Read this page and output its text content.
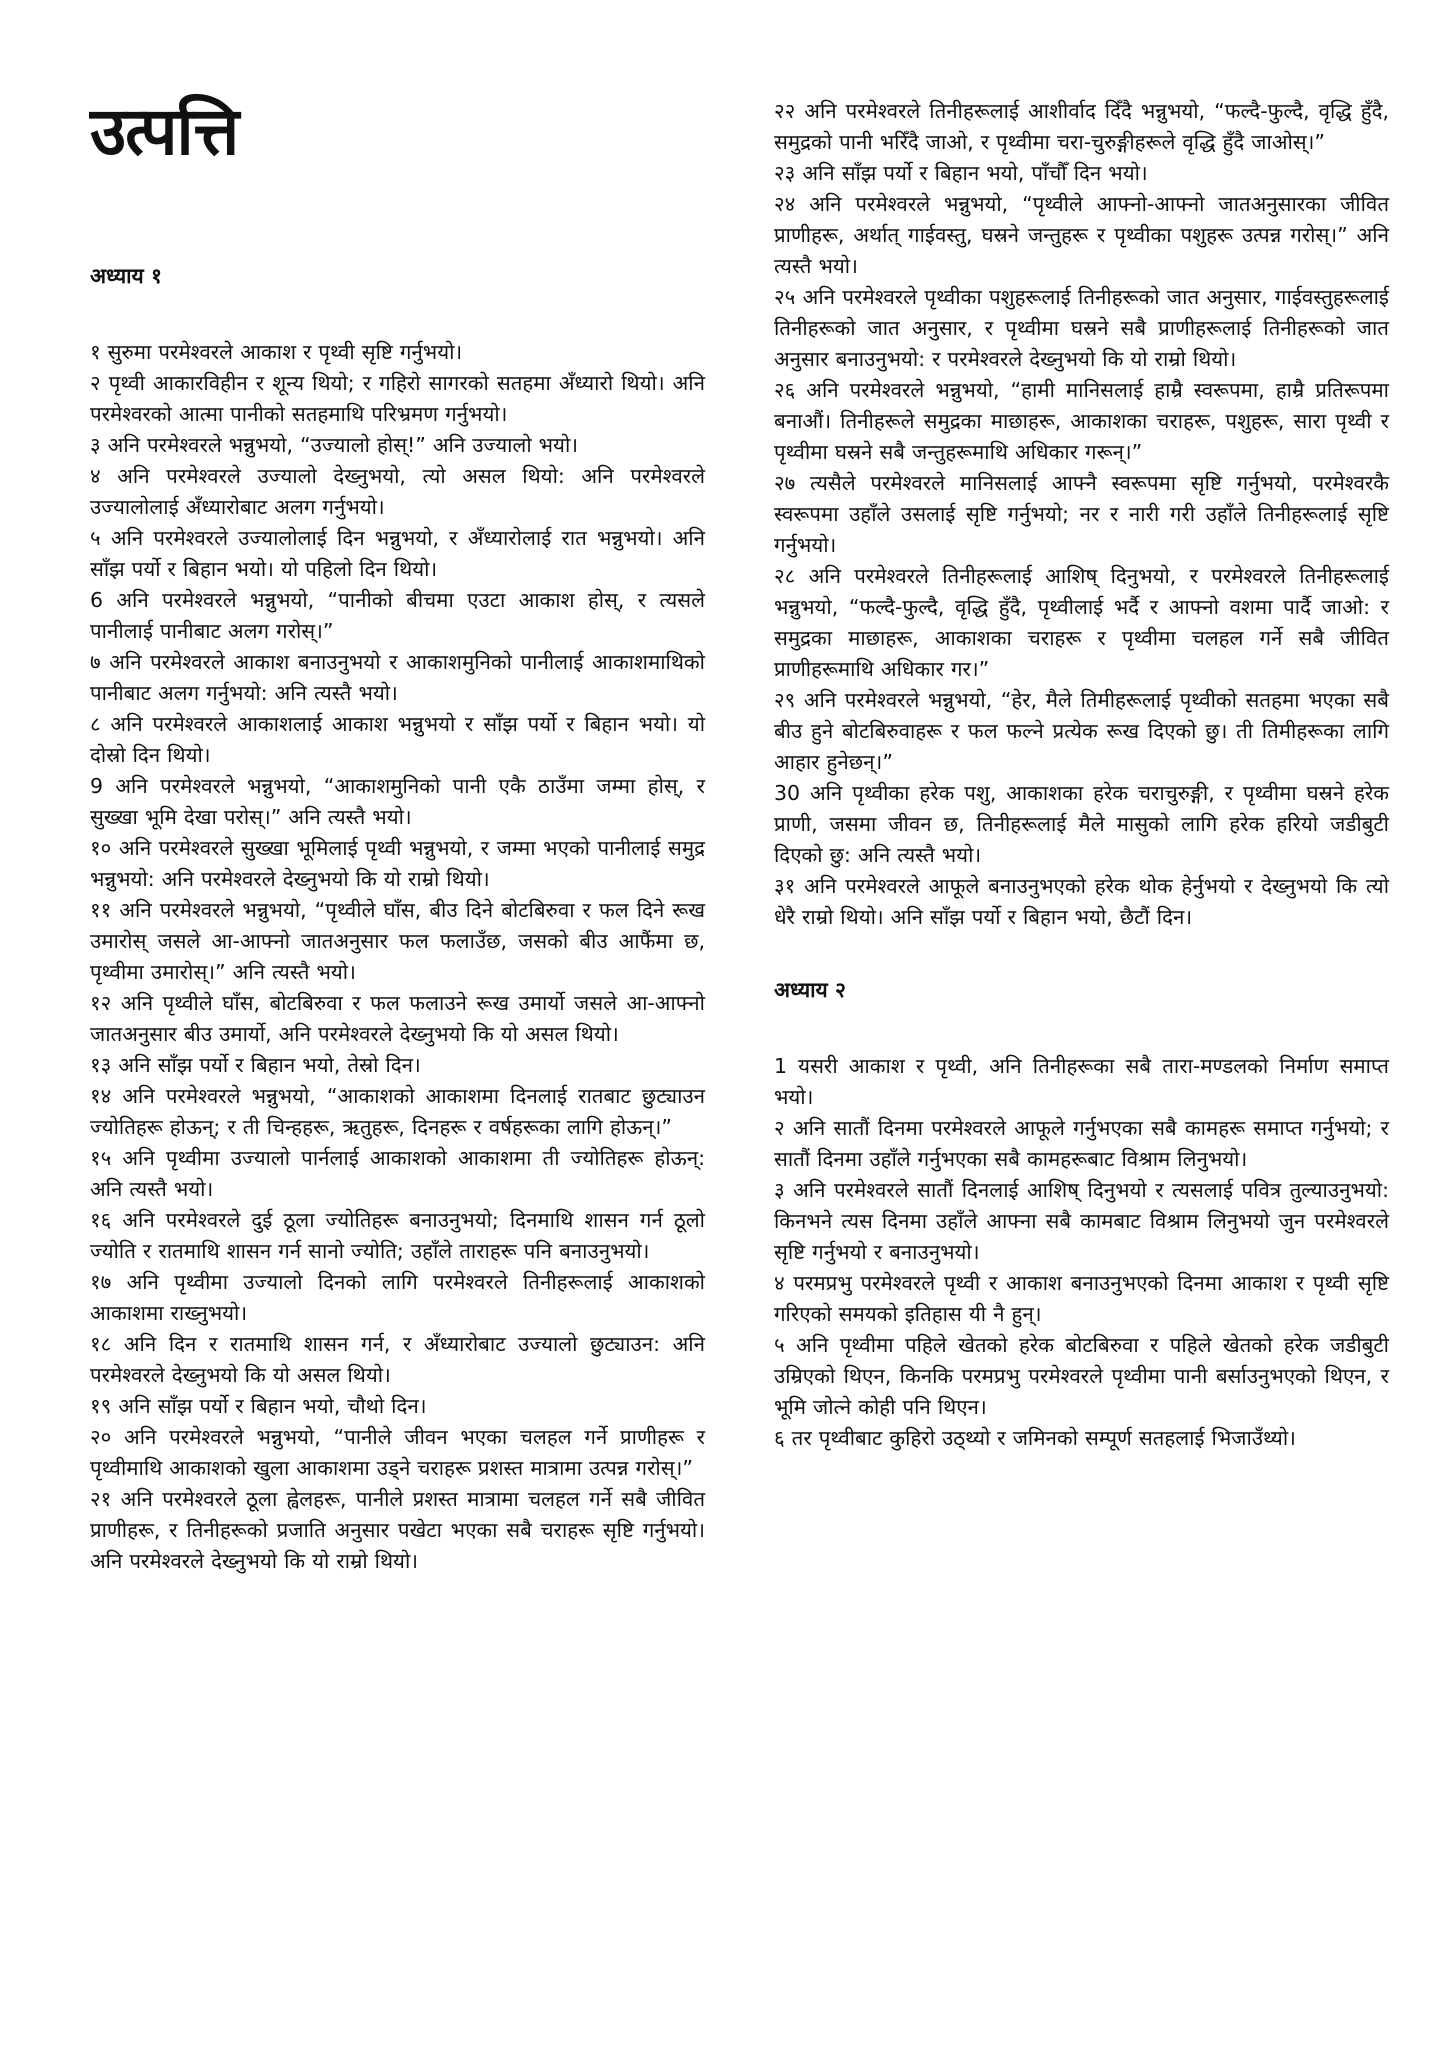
उत्पत्ति
अध्याय १

१ सुरुमा परमेश्वरले आकाश र पृथ्वी सृष्टि गर्नुभयो।

२ पृथ्वी आकारविहीन र शून्य थियो; र गहिरो सागरको सतहमा अँध्यारो थियो। अनि परमेश्वरको आत्मा पानीको सतहमाथि परिभ्रमण गर्नुभयो।

३ अनि परमेश्वरले भन्नुभयो, “उज्यालो होस्!” अनि उज्यालो भयो।

४ अनि परमेश्वरले उज्यालो देख्नुभयो, त्यो असल थियो: अनि परमेश्वरले उज्यालोलाई अँध्यारोबाट अलग गर्नुभयो।

५ अनि परमेश्वरले उज्यालोलाई दिन भन्नुभयो, र अँध्यारोलाई रात भन्नुभयो। अनि साँझ पर्यो र बिहान भयो। यो पहिलो दिन थियो।

6 अनि परमेश्वरले भन्नुभयो, “पानीको बीचमा एउटा आकाश होस्, र त्यसले पानीलाई पानीबाट अलग गरोस्।”

७ अनि परमेश्वरले आकाश बनाउनुभयो र आकाशमुनिको पानीलाई आकाशमाथिको पानीबाट अलग गर्नुभयो: अनि त्यस्तै भयो।

८ अनि परमेश्वरले आकाशलाई आकाश भन्नुभयो र साँझ पर्यो र बिहान भयो। यो दोस्रो दिन थियो।

9 अनि परमेश्वरले भन्नुभयो, “आकाशमुनिको पानी एकै ठाउँमा जम्मा होस्, र सुख्खा भूमि देखा परोस्।” अनि त्यस्तै भयो।

१० अनि परमेश्वरले सुख्खा भूमिलाई पृथ्वी भन्नुभयो, र जम्मा भएको पानीलाई समुद्र भन्नुभयो: अनि परमेश्वरले देख्नुभयो कि यो राम्रो थियो।

११ अनि परमेश्वरले भन्नुभयो, “पृथ्वीले घाँस, बीउ दिने बोटबिरुवा र फल दिने रूख उमारोस् जसले आ-आफ्नो जातअनुसार फल फलाउँछ, जसको बीउ आफैंमा छ, पृथ्वीमा उमारोस्।” अनि त्यस्तै भयो।

१२ अनि पृथ्वीले घाँस, बोटबिरुवा र फल फलाउने रूख उमार्यो जसले आ-आफ्नो जातअनुसार बीउ उमार्यो, अनि परमेश्वरले देख्नुभयो कि यो असल थियो।

१३ अनि साँझ पर्यो र बिहान भयो, तेस्रो दिन।

१४ अनि परमेश्वरले भन्नुभयो, “आकाशको आकाशमा दिनलाई रातबाट छुट्याउन ज्योतिहरू होऊन्; र ती चिन्हहरू, ऋतुहरू, दिनहरू र वर्षहरूका लागि होऊन्।”

१५ अनि पृथ्वीमा उज्यालो पार्नलाई आकाशको आकाशमा ती ज्योतिहरू होऊन्: अनि त्यस्तै भयो।

१६ अनि परमेश्वरले दुई ठूला ज्योतिहरू बनाउनुभयो; दिनमाथि शासन गर्न ठूलो ज्योति र रातमाथि शासन गर्न सानो ज्योति; उहाँले ताराहरू पनि बनाउनुभयो।

१७ अनि पृथ्वीमा उज्यालो दिनको लागि परमेश्वरले तिनीहरूलाई आकाशको आकाशमा राख्नुभयो।

१८ अनि दिन र रातमाथि शासन गर्न, र अँध्यारोबाट उज्यालो छुट्याउन: अनि परमेश्वरले देख्नुभयो कि यो असल थियो।

१९ अनि साँझ पर्यो र बिहान भयो, चौथो दिन।

२० अनि परमेश्वरले भन्नुभयो, “पानीले जीवन भएका चलहल गर्ने प्राणीहरू र पृथ्वीमाथि आकाशको खुला आकाशमा उड्ने चराहरू प्रशस्त मात्रामा उत्पन्न गरोस्।”

२१ अनि परमेश्वरले ठूला ह्वेलहरू, पानीले प्रशस्त मात्रामा चलहल गर्ने सबै जीवित प्राणीहरू, र तिनीहरूको प्रजाति अनुसार पखेटा भएका सबै चराहरू सृष्टि गर्नुभयो। अनि परमेश्वरले देख्नुभयो कि यो राम्रो थियो।

२२ अनि परमेश्वरले तिनीहरूलाई आशीर्वाद दिँदै भन्नुभयो, “फल्दै-फुल्दै, वृद्धि हुँदै, समुद्रको पानी भरिँदै जाओ, र पृथ्वीमा चरा-चुरुङ्गीहरूले वृद्धि हुँदै जाओस्।”

२३ अनि साँझ पर्यो र बिहान भयो, पाँचौँ दिन भयो।

२४ अनि परमेश्वरले भन्नुभयो, “पृथ्वीले आफ्नो-आफ्नो जातअनुसारका जीवित प्राणीहरू, अर्थात् गाईवस्तु, घस्रने जन्तुहरू र पृथ्वीका पशुहरू उत्पन्न गरोस्।” अनि त्यस्तै भयो।

२५ अनि परमेश्वरले पृथ्वीका पशुहरूलाई तिनीहरूको जात अनुसार, गाईवस्तुहरूलाई तिनीहरूको जात अनुसार, र पृथ्वीमा घस्रने सबै प्राणीहरूलाई तिनीहरूको जात अनुसार बनाउनुभयो: र परमेश्वरले देख्नुभयो कि यो राम्रो थियो।

२६ अनि परमेश्वरले भन्नुभयो, “हामी मानिसलाई हाम्रै स्वरूपमा, हाम्रै प्रतिरूपमा बनाऔं। तिनीहरूले समुद्रका माछाहरू, आकाशका चराहरू, पशुहरू, सारा पृथ्वी र पृथ्वीमा घस्रने सबै जन्तुहरूमाथि अधिकार गरून्।”

२७ त्यसैले परमेश्वरले मानिसलाई आफ्नै स्वरूपमा सृष्टि गर्नुभयो, परमेश्वरकै स्वरूपमा उहाँले उसलाई सृष्टि गर्नुभयो; नर र नारी गरी उहाँले तिनीहरूलाई सृष्टि गर्नुभयो।

२८ अनि परमेश्वरले तिनीहरूलाई आशिष् दिनुभयो, र परमेश्वरले तिनीहरूलाई भन्नुभयो, “फल्दै-फुल्दै, वृद्धि हुँदै, पृथ्वीलाई भर्दै र आफ्नो वशमा पार्दै जाओ: र समुद्रका माछाहरू, आकाशका चराहरू र पृथ्वीमा चलहल गर्ने सबै जीवित प्राणीहरूमाथि अधिकार गर।”

२९ अनि परमेश्वरले भन्नुभयो, “हेर, मैले तिमीहरूलाई पृथ्वीको सतहमा भएका सबै बीउ हुने बोटबिरुवाहरू र फल फल्ने प्रत्येक रूख दिएको छु। ती तिमीहरूका लागि आहार हुनेछन्।”

30 अनि पृथ्वीका हरेक पशु, आकाशका हरेक चराचुरुङ्गी, र पृथ्वीमा घस्रने हरेक प्राणी, जसमा जीवन छ, तिनीहरूलाई मैले मासुको लागि हरेक हरियो जडीबुटी दिएको छु: अनि त्यस्तै भयो।

३१ अनि परमेश्वरले आफूले बनाउनुभएको हरेक थोक हेर्नुभयो र देख्नुभयो कि त्यो धेरै राम्रो थियो। अनि साँझ पर्यो र बिहान भयो, छैटौं दिन।

अध्याय २

1 यसरी आकाश र पृथ्वी, अनि तिनीहरूका सबै तारा-मण्डलको निर्माण समाप्त भयो।

२ अनि सातौं दिनमा परमेश्वरले आफूले गर्नुभएका सबै कामहरू समाप्त गर्नुभयो; र सातौं दिनमा उहाँले गर्नुभएका सबै कामहरूबाट विश्राम लिनुभयो।

३ अनि परमेश्वरले सातौं दिनलाई आशिष् दिनुभयो र त्यसलाई पवित्र तुल्याउनुभयो: किनभने त्यस दिनमा उहाँले आफ्ना सबै कामबाट विश्राम लिनुभयो जुन परमेश्वरले सृष्टि गर्नुभयो र बनाउनुभयो।

४ परमप्रभु परमेश्वरले पृथ्वी र आकाश बनाउनुभएको दिनमा आकाश र पृथ्वी सृष्टि गरिएको समयको इतिहास यी नै हुन्।

५ अनि पृथ्वीमा पहिले खेतको हरेक बोटबिरुवा र पहिले खेतको हरेक जडीबुटी उम्रिएको थिएन, किनकि परमप्रभु परमेश्वरले पृथ्वीमा पानी बर्साउनुभएको थिएन, र भूमि जोत्ने कोही पनि थिएन।

६ तर पृथ्वीबाट कुहिरो उठ्थ्यो र जमिनको सम्पूर्ण सतहलाई भिजाउँथ्यो।
